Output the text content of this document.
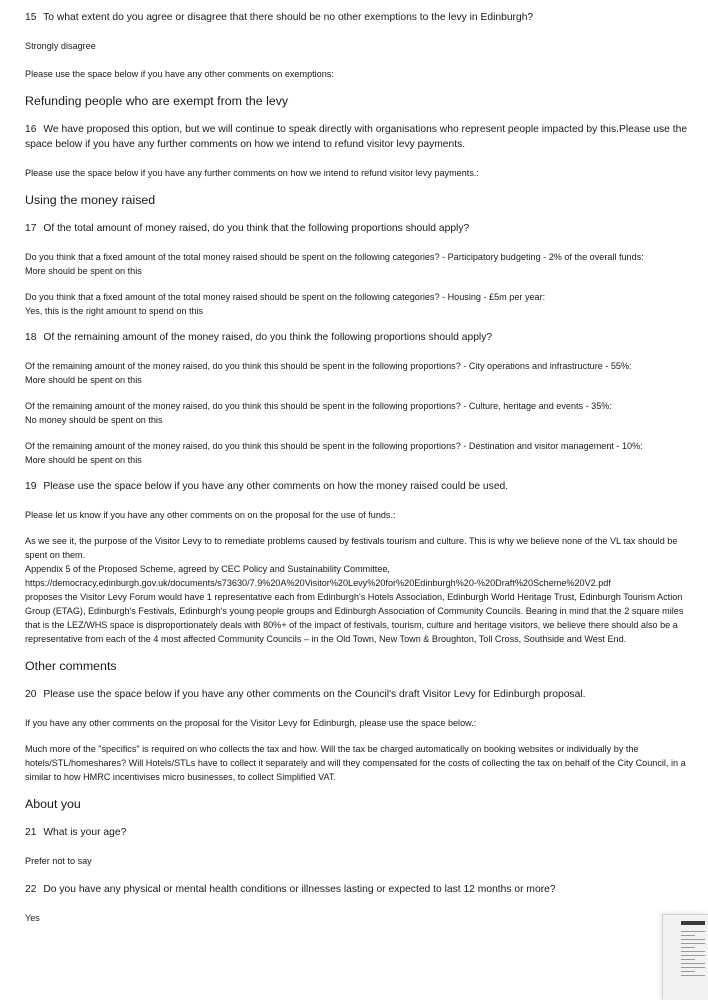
15 To what extent do you agree or disagree that there should be no other exemptions to the levy in Edinburgh?
Strongly disagree
Please use the space below if you have any other comments on exemptions:
Refunding people who are exempt from the levy
16 We have proposed this option, but we will continue to speak directly with organisations who represent people impacted by this.Please use the space below if you have any further comments on how we intend to refund visitor levy payments.
Please use the space below if you have any further comments on how we intend to refund visitor levy payments.:
Using the money raised
17 Of the total amount of money raised, do you think that the following proportions should apply?

Do you think that a fixed amount of the total money raised should be spent on the following categories? - Participatory budgeting - 2% of the overall funds:

More should be spent on this

Do you think that a fixed amount of the total money raised should be spent on the following categories? - Housing - £5m per year:

Yes, this is the right amount to spend on this

18 Of the remaining amount of the money raised, do you think the following proportions should apply?

Of the remaining amount of the money raised, do you think this should be spent in the following proportions? - City operations and infrastructure - 55%:

More should be spent on this

Of the remaining amount of the money raised, do you think this should be spent in the following proportions? - Culture, heritage and events - 35%:

No money should be spent on this

Of the remaining amount of the money raised, do you think this should be spent in the following proportions? - Destination and visitor management - 10%:

More should be spent on this

19 Please use the space below if you have any other comments on how the money raised could be used.
Please let us know if you have any other comments on on the proposal for the use of funds.:

As we see it, the purpose of the Visitor Levy to to remediate problems caused by festivals tourism and culture. This is why we believe none of the VL tax should be spent on them.

Appendix 5 of the Proposed Scheme, agreed by CEC Policy and Sustainability Committee,

https://democracy.edinburgh.gov.uk/documents/s73630/7.9%20A%20Visitor%20Levy%20for%20Edinburgh%20-%20Draft%20Scheme%20V2.pdf

proposes the Visitor Levy Forum would have 1 representative each from Edinburgh's Hotels Association, Edinburgh World Heritage Trust, Edinburgh Tourism Action Group (ETAG), Edinburgh's Festivals, Edinburgh's young people groups and Edinburgh Association of Community Councils. Bearing in mind that the 2 square miles that is the LEZ/WHS space is disproportionately deals with 80%+ of the impact of festivals, tourism, culture and heritage visitors, we believe there should also be a representative from each of the 4 most affected Community Councils – in the Old Town, New Town & Broughton, Toll Cross, Southside and West End.

Other comments
20 Please use the space below if you have any other comments on the Council's draft Visitor Levy for Edinburgh proposal.
If you have any other comments on the proposal for the Visitor Levy for Edinburgh, please use the space below.:

Much more of the "specifics" is required on who collects the tax and how. Will the tax be charged automatically on booking websites or individually by the hotels/STL/homeshares? Will Hotels/STLs have to collect it separately and will they compensated for the costs of collecting the tax on behalf of the City Council, in a similar to how HMRC incentivises micro businesses, to collect Simplified VAT.

About you
21 What is your age?
Prefer not to say
22 Do you have any physical or mental health conditions or illnesses lasting or expected to last 12 months or more?
Yes
